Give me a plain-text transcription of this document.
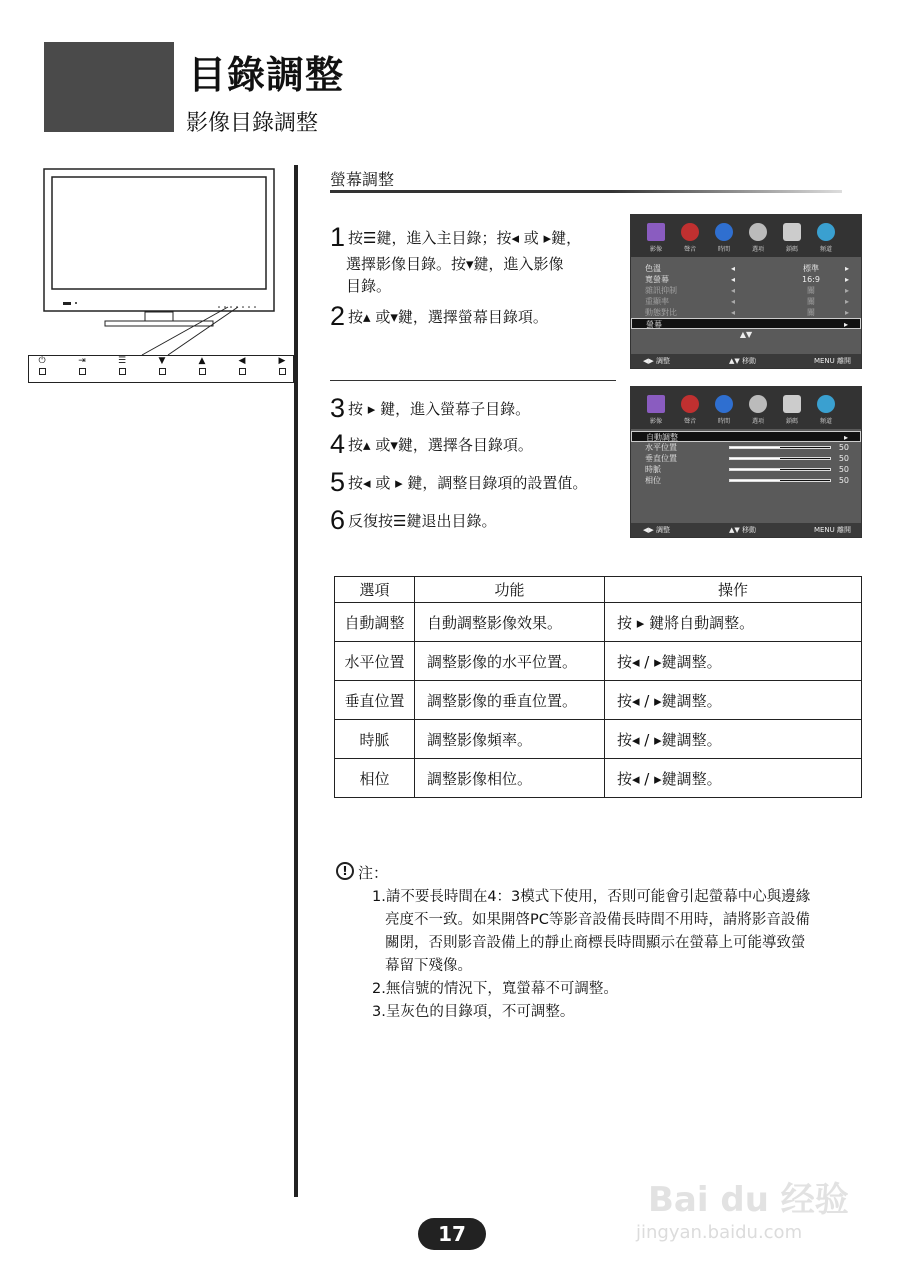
目錄調整
影像目錄調整
⏻	⇥	☰	▼	▲	◀	▶
螢幕調整
1 按☰鍵，進入主目錄；按◂ 或 ▸鍵，
選擇影像目錄。按▾鍵，進入影像
目錄。
2 按▴ 或▾鍵，選擇螢幕目錄項。
3 按 ▸ 鍵，進入螢幕子目錄。
4 按▴ 或▾鍵，選擇各目錄項。
5 按◂ 或 ▸ 鍵，調整目錄項的設置值。
6 反復按☰鍵退出目錄。
影像	聲音	時間	選項	鎖碼	頻道
色溫	◂	標準	▸
寬螢幕	◂	16:9	▸
雜訊抑制	◂	關	▸
重顯率	◂	關	▸
動態對比	◂	關	▸
螢幕	▸
▲▼
◀▶ 調整	▲▼ 移動	MENU 離開
影像	聲音	時間	選項	鎖碼	頻道
自動調整	▸
水平位置	50
垂直位置	50
時脈	50
相位	50
◀▶ 調整	▲▼ 移動	MENU 離開
選項	功能	操作
自動調整	自動調整影像效果。	按 ▸ 鍵將自動調整。
水平位置	調整影像的水平位置。	按◂ / ▸鍵調整。
垂直位置	調整影像的垂直位置。	按◂ / ▸鍵調整。
時脈	調整影像頻率。	按◂ / ▸鍵調整。
相位	調整影像相位。	按◂ / ▸鍵調整。
! 注：
1.請不要長時間在4：3模式下使用，否則可能會引起螢幕中心與邊緣
亮度不一致。如果開啓PC等影音設備長時間不用時，請將影音設備
關閉，否則影音設備上的靜止商標長時間顯示在螢幕上可能導致螢
幕留下殘像。
2.無信號的情況下，寬螢幕不可調整。
3.呈灰色的目錄項，不可調整。
17
Bai du 经验
jingyan.baidu.com
